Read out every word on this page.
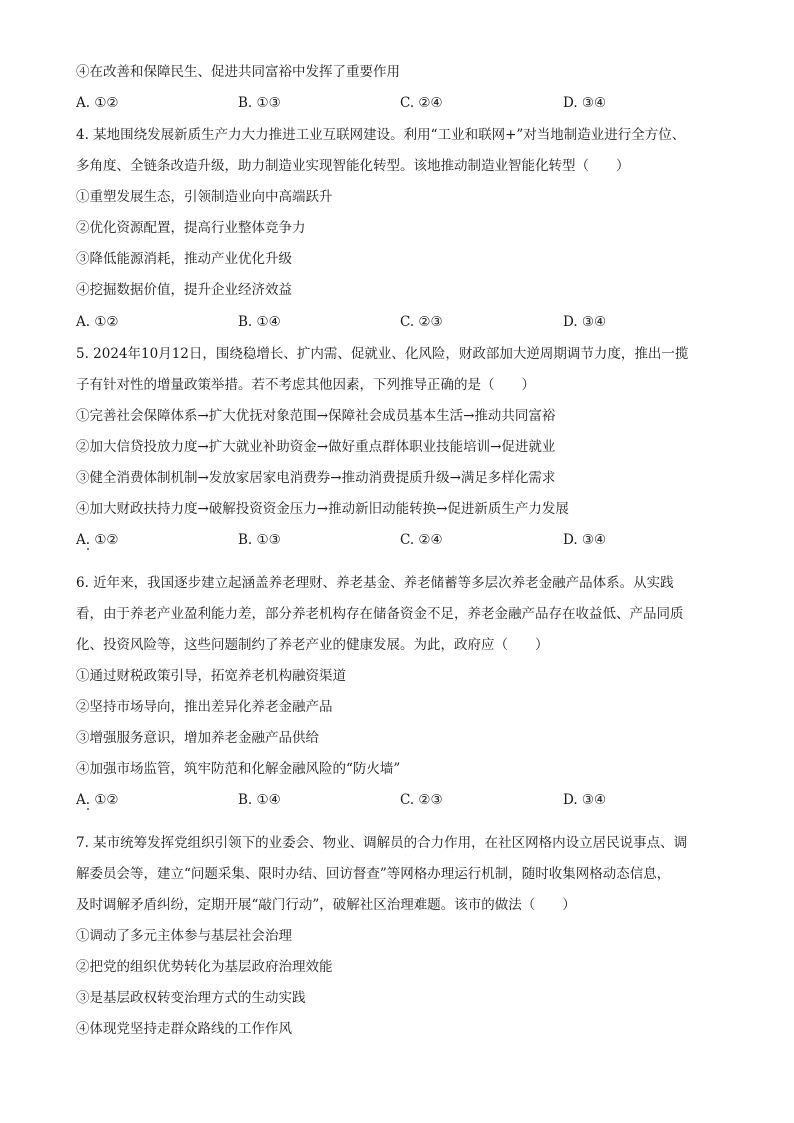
④在改善和保障民生、促进共同富裕中发挥了重要作用
A. ①②	B. ①③	C. ②④	D. ③④
4. 某地围绕发展新质生产力大力推进工业互联网建设。利用“工业和联网+”对当地制造业进行全方位、
多角度、全链条改造升级，助力制造业实现智能化转型。该地推动制造业智能化转型（　　）
①重塑发展生态，引领制造业向中高端跃升
②优化资源配置，提高行业整体竞争力
③降低能源消耗，推动产业优化升级
④挖掘数据价值，提升企业经济效益
A. ①②	B. ①④	C. ②③	D. ③④
5. 2024年10月12日，围绕稳增长、扩内需、促就业、化风险，财政部加大逆周期调节力度，推出一揽
子有针对性的增量政策举措。若不考虑其他因素，下列推导正确的是（　　）
①完善社会保障体系→扩大优抚对象范围→保障社会成员基本生活→推动共同富裕
②加大信贷投放力度→扩大就业补助资金→做好重点群体职业技能培训→促进就业
③健全消费体制机制→发放家居家电消费券→推动消费提质升级→满足多样化需求
④加大财政扶持力度→破解投资资金压力→推动新旧动能转换→促进新质生产力发展
A. ①②	B. ①③	C. ②④	D. ③④
6. 近年来，我国逐步建立起涵盖养老理财、养老基金、养老储蓄等多层次养老金融产品体系。从实践
看，由于养老产业盈利能力差，部分养老机构存在储备资金不足，养老金融产品存在收益低、产品同质
化、投资风险等，这些问题制约了养老产业的健康发展。为此，政府应（　　）
①通过财税政策引导，拓宽养老机构融资渠道
②坚持市场导向，推出差异化养老金融产品
③增强服务意识，增加养老金融产品供给
④加强市场监管，筑牢防范和化解金融风险的“防火墙”
A. ①②	B. ①④	C. ②③	D. ③④
7. 某市统筹发挥党组织引领下的业委会、物业、调解员的合力作用，在社区网格内设立居民说事点、调
解委员会等，建立“问题采集、限时办结、回访督查”等网格办理运行机制，随时收集网格动态信息，
及时调解矛盾纠纷，定期开展“敲门行动”，破解社区治理难题。该市的做法（　　）
①调动了多元主体参与基层社会治理
②把党的组织优势转化为基层政府治理效能
③是基层政权转变治理方式的生动实践
④体现党坚持走群众路线的工作作风
